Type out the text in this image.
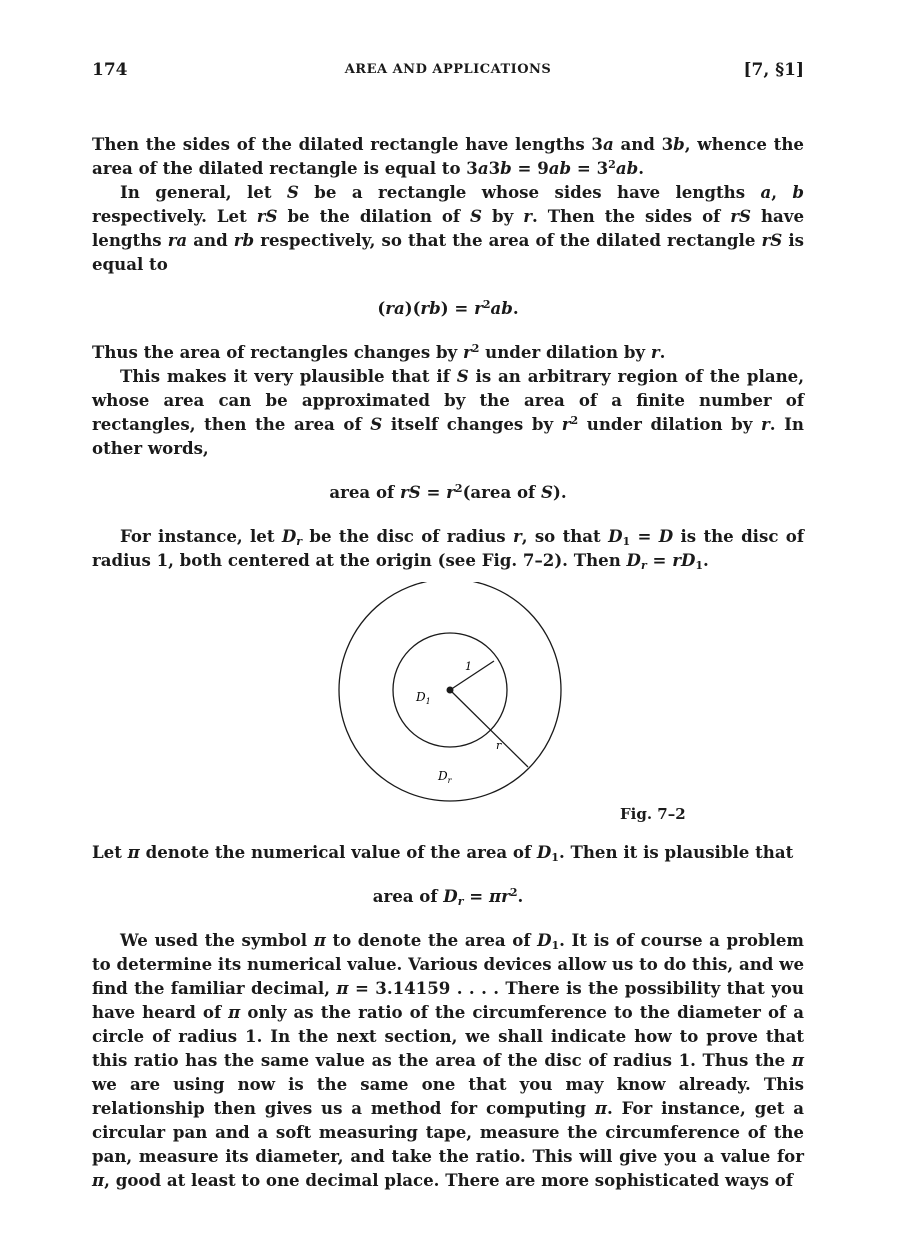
174	AREA AND APPLICATIONS	[7, §1]

Then the sides of the dilated rectangle have lengths 3a and 3b, whence the area of the dilated rectangle is equal to $3a3b = 9ab = 3^2ab$.

In general, let S be a rectangle whose sides have lengths a, b respectively. Let rS be the dilation of S by r. Then the sides of rS have lengths ra and rb respectively, so that the area of the dilated rectangle rS is equal to

$(ra)(rb) = r^2ab$.

Thus the area of rectangles changes by $r^2$ under dilation by r.

This makes it very plausible that if S is an arbitrary region of the plane, whose area can be approximated by the area of a finite number of rectangles, then the area of S itself changes by $r^2$ under dilation by r. In other words,

area of rS = $r^2(area$ of S).

For instance, let $D_r$ be the disc of radius r, so that $D_1 = D$ is the disc of radius 1, both centered at the origin (see Fig. 7–2). Then $D_r = rD_1$.

1
r
$D_1$
$D_r$
Fig. 7–2

Let π denote the numerical value of the area of $D_1$. Then it is plausible that

area of $D_r = \pi r^2$.

We used the symbol π to denote the area of $D_1$. It is of course a problem to determine its numerical value. Various devices allow us to do this, and we find the familiar decimal, π = 3.14159 . . . . There is the possibility that you have heard of π only as the ratio of the circumference to the diameter of a circle of radius 1. In the next section, we shall indicate how to prove that this ratio has the same value as the area of the disc of radius 1. Thus the π we are using now is the same one that you may know already. This relationship then gives us a method for computing π. For instance, get a circular pan and a soft measuring tape, measure the circumference of the pan, measure its diameter, and take the ratio. This will give you a value for π, good at least to one decimal place. There are more sophisticated ways of
